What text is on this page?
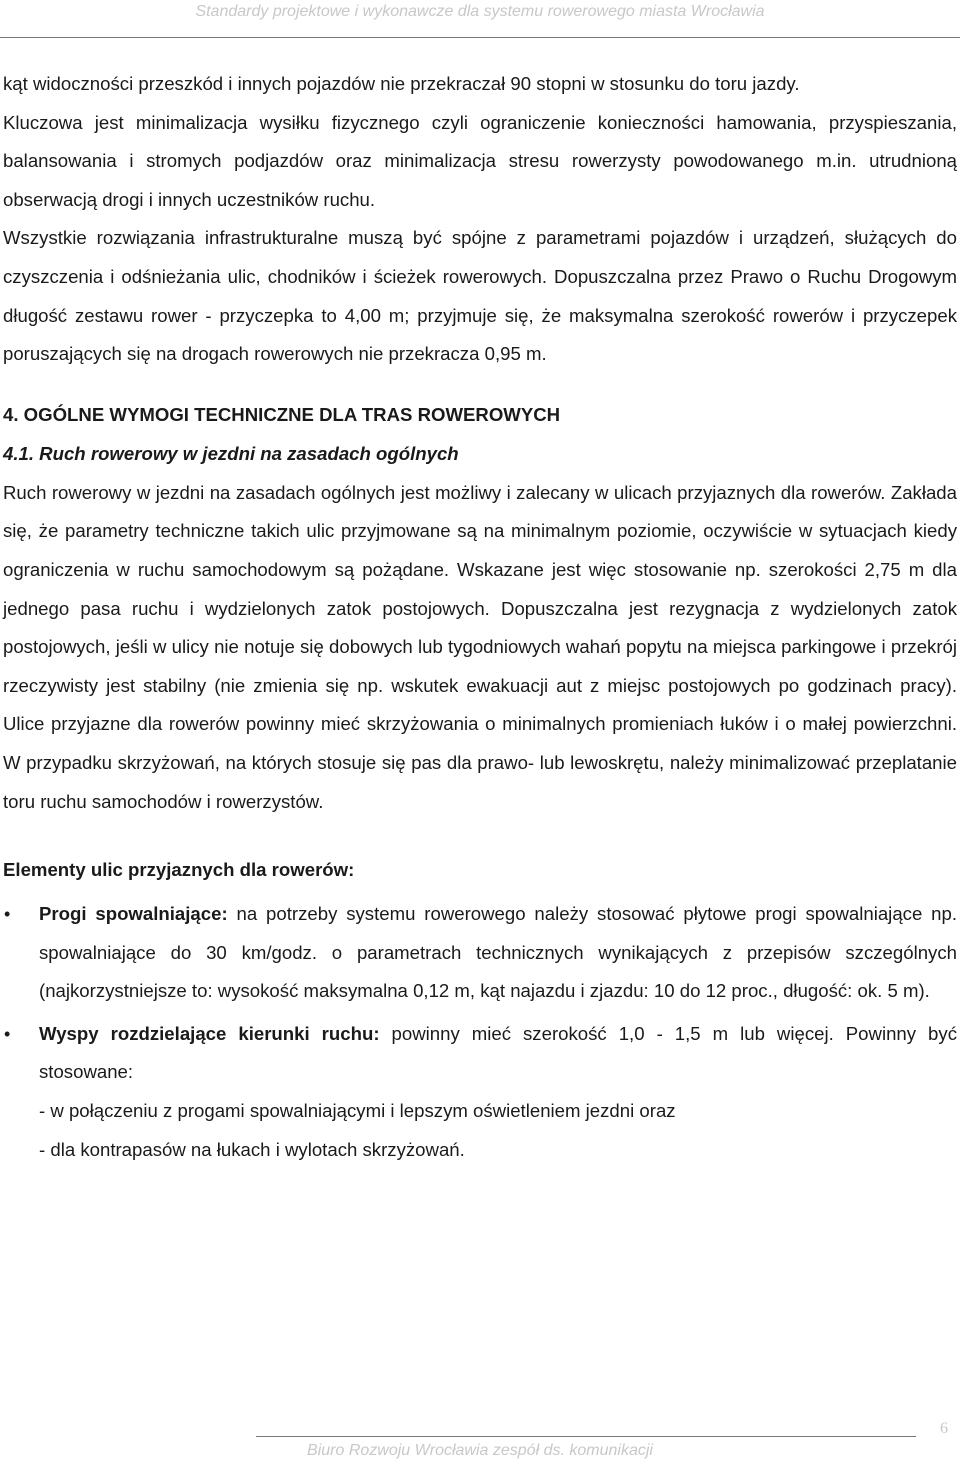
Standardy projektowe i wykonawcze dla systemu rowerowego miasta Wrocławia

kąt widoczności przeszkód i innych pojazdów nie przekraczał 90 stopni w stosunku do toru jazdy.

Kluczowa jest minimalizacja wysiłku fizycznego czyli ograniczenie konieczności hamowania, przyspieszania, balansowania i stromych podjazdów oraz minimalizacja stresu rowerzysty powodowanego m.in. utrudnioną obserwacją drogi i innych uczestników ruchu.

Wszystkie rozwiązania infrastrukturalne muszą być spójne z parametrami pojazdów i urządzeń, służących do czyszczenia i odśnieżania ulic, chodników i ścieżek rowerowych. Dopuszczalna przez Prawo o Ruchu Drogowym długość zestawu rower - przyczepka to 4,00 m; przyjmuje się, że maksymalna szerokość rowerów i przyczepek poruszających się na drogach rowerowych nie przekracza 0,95 m.

4. OGÓLNE WYMOGI TECHNICZNE DLA TRAS ROWEROWYCH
4.1. Ruch rowerowy w jezdni na zasadach ogólnych

Ruch rowerowy w jezdni na zasadach ogólnych jest możliwy i zalecany w ulicach przyjaznych dla rowerów. Zakłada się, że parametry techniczne takich ulic przyjmowane są na minimalnym poziomie, oczywiście w sytuacjach kiedy ograniczenia w ruchu samochodowym są pożądane. Wskazane jest więc stosowanie np. szerokości 2,75 m dla jednego pasa ruchu i wydzielonych zatok postojowych. Dopuszczalna jest rezygnacja z wydzielonych zatok postojowych, jeśli w ulicy nie notuje się dobowych lub tygodniowych wahań popytu na miejsca parkingowe i przekrój rzeczywisty jest stabilny (nie zmienia się np. wskutek ewakuacji aut z miejsc postojowych po godzinach pracy). Ulice przyjazne dla rowerów powinny mieć skrzyżowania o minimalnych promieniach łuków i o małej powierzchni. W przypadku skrzyżowań, na których stosuje się pas dla prawo- lub lewoskrętu, należy minimalizować przeplatanie toru ruchu samochodów i rowerzystów.

Elementy ulic przyjaznych dla rowerów:
• Progi spowalniające: na potrzeby systemu rowerowego należy stosować płytowe progi spowalniające np. spowalniające do 30 km/godz. o parametrach technicznych wynikających z przepisów szczególnych (najkorzystniejsze to: wysokość maksymalna 0,12 m, kąt najazdu i zjazdu: 10 do 12 proc., długość: ok. 5 m).
• Wyspy rozdzielające kierunki ruchu: powinny mieć szerokość 1,0 - 1,5 m lub więcej. Powinny być stosowane:
- w połączeniu z progami spowalniającymi i lepszym oświetleniem jezdni oraz
- dla kontrapasów na łukach i wylotach skrzyżowań.
6
Biuro Rozwoju Wrocławia zespół ds. komunikacji
